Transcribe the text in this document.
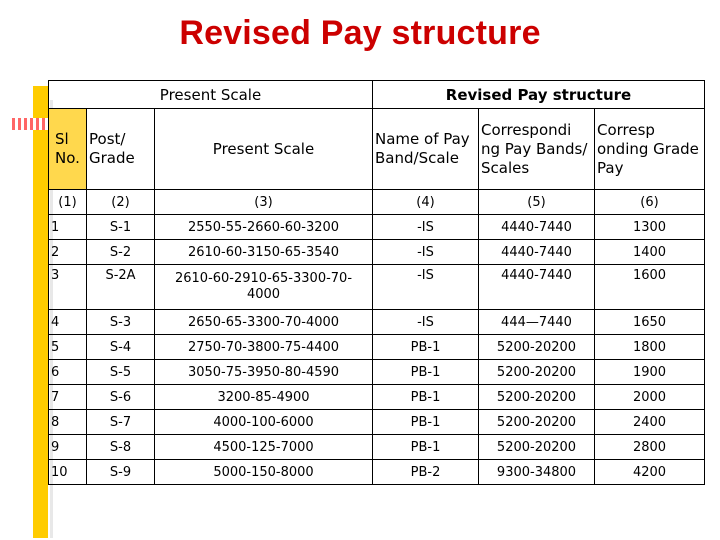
Revised Pay structure
Present Scale			Revised Pay structure		
Sl No.	Post/ Grade	Present Scale	Name of Pay Band/Scale	Correspondi ng Pay Bands/ Scales	Corresp onding Grade Pay
(1)	(2)	(3)	(4)	(5)	(6)
1	S-1	2550-55-2660-60-3200	-IS	4440-7440	1300
2	S-2	2610-60-3150-65-3540	-IS	4440-7440	1400
3	S-2A	2610-60-2910-65-3300-70-4000	-IS	4440-7440	1600
4	S-3	2650-65-3300-70-4000	-IS	444—7440	1650
5	S-4	2750-70-3800-75-4400	PB-1	5200-20200	1800
6	S-5	3050-75-3950-80-4590	PB-1	5200-20200	1900
7	S-6	3200-85-4900	PB-1	5200-20200	2000
8	S-7	4000-100-6000	PB-1	5200-20200	2400
9	S-8	4500-125-7000	PB-1	5200-20200	2800
10	S-9	5000-150-8000	PB-2	9300-34800	4200
